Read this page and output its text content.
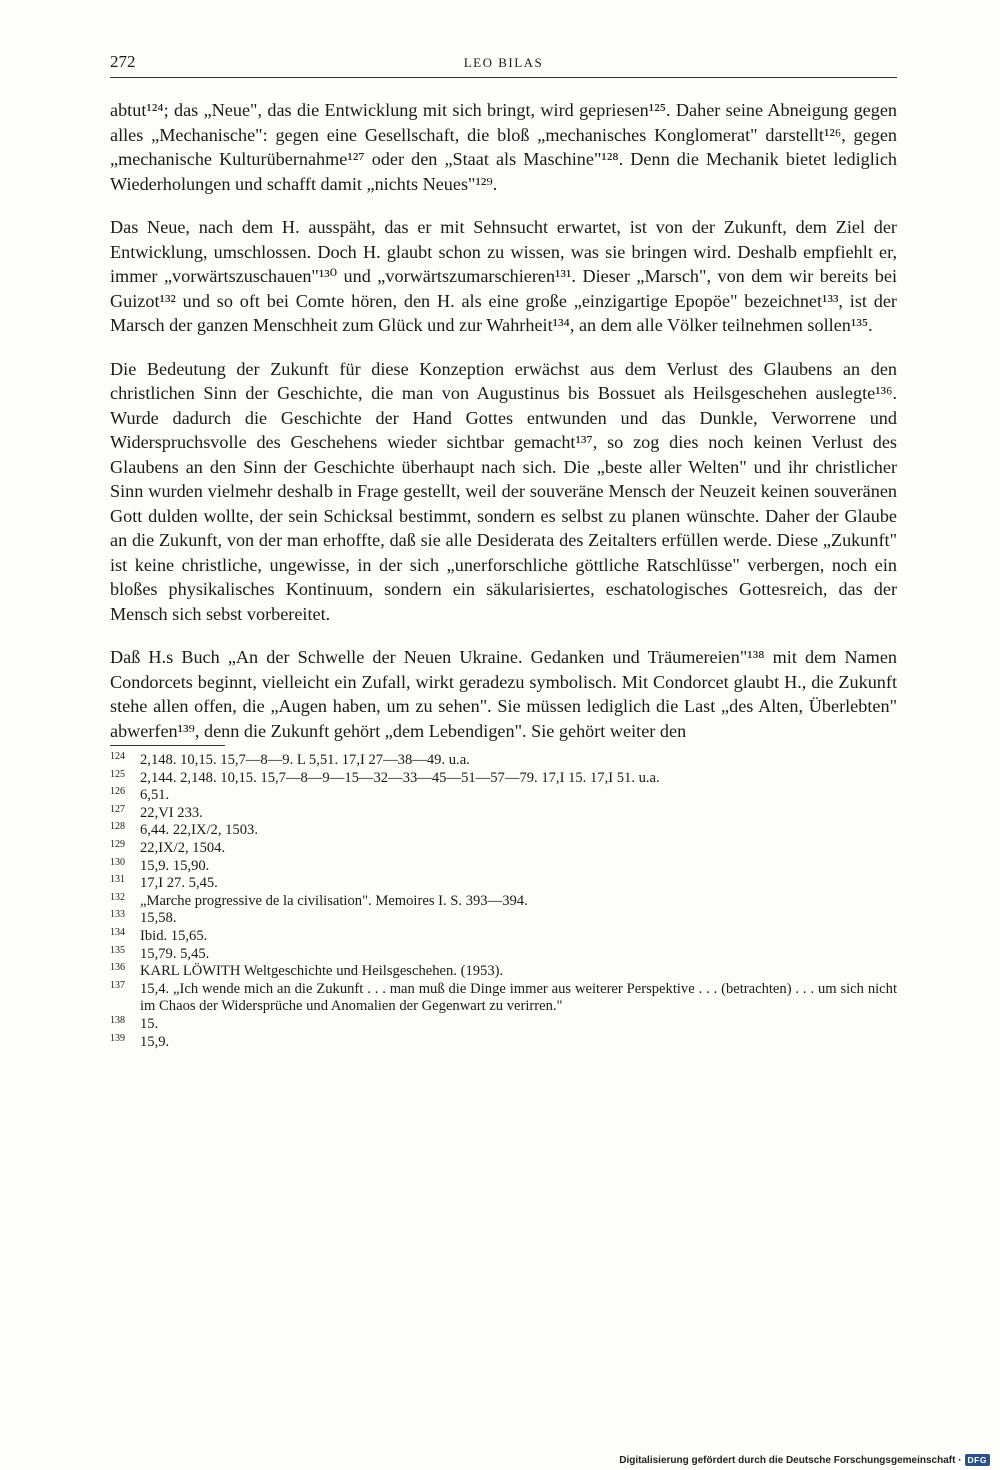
272	LEO BILAS

abtut¹²⁴; das „Neue", das die Entwicklung mit sich bringt, wird gepriesen¹²⁵. Daher seine Abneigung gegen alles „Mechanische": gegen eine Gesellschaft, die bloß „mechanisches Konglomerat" darstellt¹²⁶, gegen „mechanische Kulturübernahme¹²⁷ oder den „Staat als Maschine"¹²⁸. Denn die Mechanik bietet lediglich Wiederholungen und schafft damit „nichts Neues"¹²⁹.

Das Neue, nach dem H. ausspäht, das er mit Sehnsucht erwartet, ist von der Zukunft, dem Ziel der Entwicklung, umschlossen. Doch H. glaubt schon zu wissen, was sie bringen wird. Deshalb empfiehlt er, immer „vorwärtszuschauen"¹³⁰ und „vorwärtszumarschieren¹³¹. Dieser „Marsch", von dem wir bereits bei Guizot¹³² und so oft bei Comte hören, den H. als eine große „einzigartige Epopöe" bezeichnet¹³³, ist der Marsch der ganzen Menschheit zum Glück und zur Wahrheit¹³⁴, an dem alle Völker teilnehmen sollen¹³⁵.

Die Bedeutung der Zukunft für diese Konzeption erwächst aus dem Verlust des Glaubens an den christlichen Sinn der Geschichte, die man von Augustinus bis Bossuet als Heilsgeschehen auslegte¹³⁶. Wurde dadurch die Geschichte der Hand Gottes entwunden und das Dunkle, Verworrene und Widerspruchsvolle des Geschehens wieder sichtbar gemacht¹³⁷, so zog dies noch keinen Verlust des Glaubens an den Sinn der Geschichte überhaupt nach sich. Die „beste aller Welten" und ihr christlicher Sinn wurden vielmehr deshalb in Frage gestellt, weil der souveräne Mensch der Neuzeit keinen souveränen Gott dulden wollte, der sein Schicksal bestimmt, sondern es selbst zu planen wünschte. Daher der Glaube an die Zukunft, von der man erhoffte, daß sie alle Desiderata des Zeitalters erfüllen werde. Diese „Zukunft" ist keine christliche, ungewisse, in der sich „unerforschliche göttliche Ratschlüsse" verbergen, noch ein bloßes physikalisches Kontinuum, sondern ein säkularisiertes, eschatologisches Gottesreich, das der Mensch sich sebst vorbereitet.

Daß H.s Buch „An der Schwelle der Neuen Ukraine. Gedanken und Träumereien"¹³⁸ mit dem Namen Condorcets beginnt, vielleicht ein Zufall, wirkt geradezu symbolisch. Mit Condorcet glaubt H., die Zukunft stehe allen offen, die „Augen haben, um zu sehen". Sie müssen lediglich die Last „des Alten, Überlebten" abwerfen¹³⁹, denn die Zukunft gehört „dem Lebendigen". Sie gehört weiter den

124	2,148. 10,15. 15,7—8—9. L 5,51. 17,I 27—38—49. u.a.
125	2,144. 2,148. 10,15. 15,7—8—9—15—32—33—45—51—57—79. 17,I 15. 17,I 51. u.a.
126	6,51.
127	22,VI 233.
128	6,44. 22,IX/2, 1503.
129	22,IX/2, 1504.
130	15,9. 15,90.
131	17,I 27. 5,45.
132	„Marche progressive de la civilisation". Memoires I. S. 393—394.
133	15,58.
134	Ibid. 15,65.
135	15,79. 5,45.
136	KARL LÖWITH Weltgeschichte und Heilsgeschehen. (1953).
137	15,4. „Ich wende mich an die Zukunft . . . man muß die Dinge immer aus weiterer Perspektive . . . (betrachten) . . . um sich nicht im Chaos der Widersprüche und Anomalien der Gegenwart zu verirren."
138	15.
139	15,9.
Digitalisierung gefördert durch die Deutsche Forschungsgemeinschaft · DFG
